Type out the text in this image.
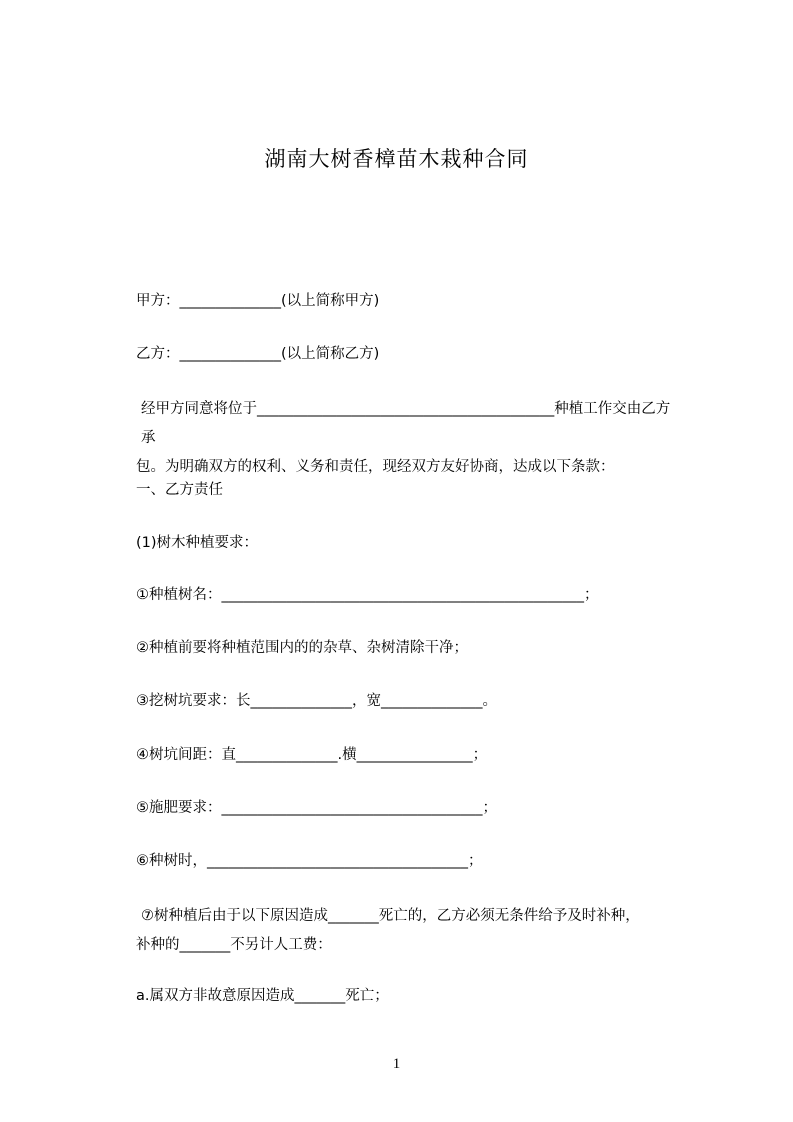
湖南大树香樟苗木栽种合同

甲方：______________(以上简称甲方)

乙方：______________(以上简称乙方)

经甲方同意将位于_________________________________________种植工作交由乙方承
包。为明确双方的权利、义务和责任，现经双方友好协商，达成以下条款：

一、乙方责任

(1)树木种植要求：

①种植树名：__________________________________________________；

②种植前要将种植范围内的的杂草、杂树清除干净；

③挖树坑要求：长______________，宽______________。

④树坑间距：直______________.横________________；

⑤施肥要求：____________________________________；

⑥种树时，____________________________________；

⑦树种植后由于以下原因造成_______死亡的，乙方必须无条件给予及时补种，
补种的_______不另计人工费：

a.属双方非故意原因造成_______死亡；

1
